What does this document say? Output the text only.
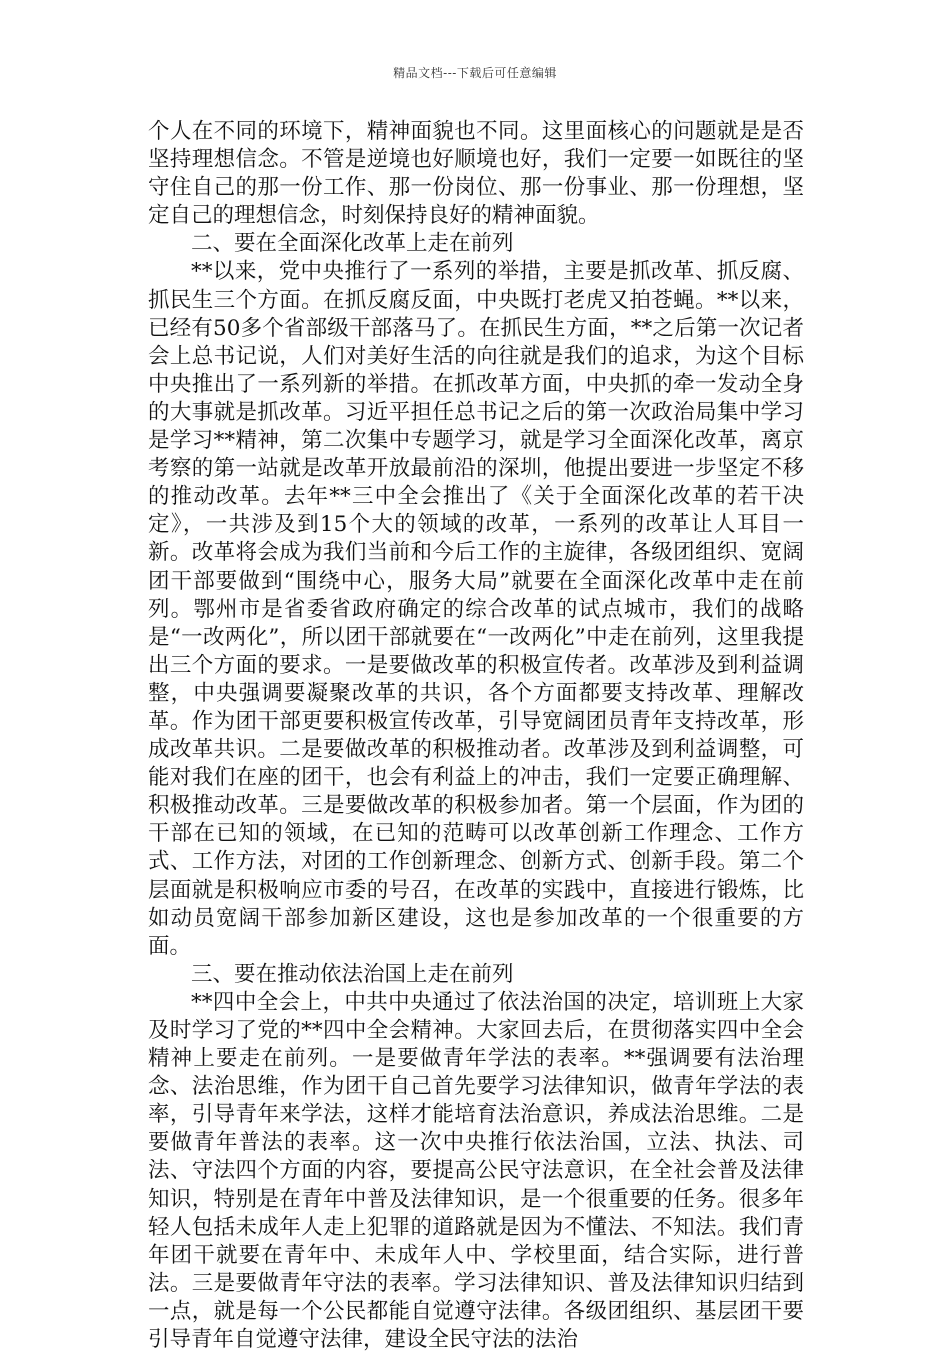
精品文档---下载后可任意编辑

个人在不同的环境下，精神面貌也不同。这里面核心的问题就是是否坚持理想信念。不管是逆境也好顺境也好，我们一定要一如既往的坚守住自己的那一份工作、那一份岗位、那一份事业、那一份理想，坚定自己的理想信念，时刻保持良好的精神面貌。

二、要在全面深化改革上走在前列

**以来，党中央推行了一系列的举措，主要是抓改革、抓反腐、抓民生三个方面。在抓反腐反面，中央既打老虎又拍苍蝇。**以来，已经有50多个省部级干部落马了。在抓民生方面，**之后第一次记者会上总书记说，人们对美好生活的向往就是我们的追求，为这个目标中央推出了一系列新的举措。在抓改革方面，中央抓的牵一发动全身的大事就是抓改革。习近平担任总书记之后的第一次政治局集中学习是学习**精神，第二次集中专题学习，就是学习全面深化改革，离京考察的第一站就是改革开放最前沿的深圳，他提出要进一步坚定不移的推动改革。去年**三中全会推出了《关于全面深化改革的若干决定》，一共涉及到15个大的领域的改革，一系列的改革让人耳目一新。改革将会成为我们当前和今后工作的主旋律，各级团组织、宽阔团干部要做到“围绕中心，服务大局”就要在全面深化改革中走在前列。鄂州市是省委省政府确定的综合改革的试点城市，我们的战略是“一改两化”，所以团干部就要在“一改两化”中走在前列，这里我提出三个方面的要求。一是要做改革的积极宣传者。改革涉及到利益调整，中央强调要凝聚改革的共识，各个方面都要支持改革、理解改革。作为团干部更要积极宣传改革，引导宽阔团员青年支持改革，形成改革共识。二是要做改革的积极推动者。改革涉及到利益调整，可能对我们在座的团干，也会有利益上的冲击，我们一定要正确理解、积极推动改革。三是要做改革的积极参加者。第一个层面，作为团的干部在已知的领域，在已知的范畴可以改革创新工作理念、工作方式、工作方法，对团的工作创新理念、创新方式、创新手段。第二个层面就是积极响应市委的号召，在改革的实践中，直接进行锻炼，比如动员宽阔干部参加新区建设，这也是参加改革的一个很重要的方面。

三、要在推动依法治国上走在前列

**四中全会上，中共中央通过了依法治国的决定，培训班上大家及时学习了党的**四中全会精神。大家回去后，在贯彻落实四中全会精神上要走在前列。一是要做青年学法的表率。**强调要有法治理念、法治思维，作为团干自己首先要学习法律知识，做青年学法的表率，引导青年来学法，这样才能培育法治意识，养成法治思维。二是要做青年普法的表率。这一次中央推行依法治国，立法、执法、司法、守法四个方面的内容，要提高公民守法意识，在全社会普及法律知识，特别是在青年中普及法律知识，是一个很重要的任务。很多年轻人包括未成年人走上犯罪的道路就是因为不懂法、不知法。我们青年团干就要在青年中、未成年人中、学校里面，结合实际，进行普法。三是要做青年守法的表率。学习法律知识、普及法律知识归结到一点，就是每一个公民都能自觉遵守法律。各级团组织、基层团干要引导青年自觉遵守法律，建设全民守法的法治
